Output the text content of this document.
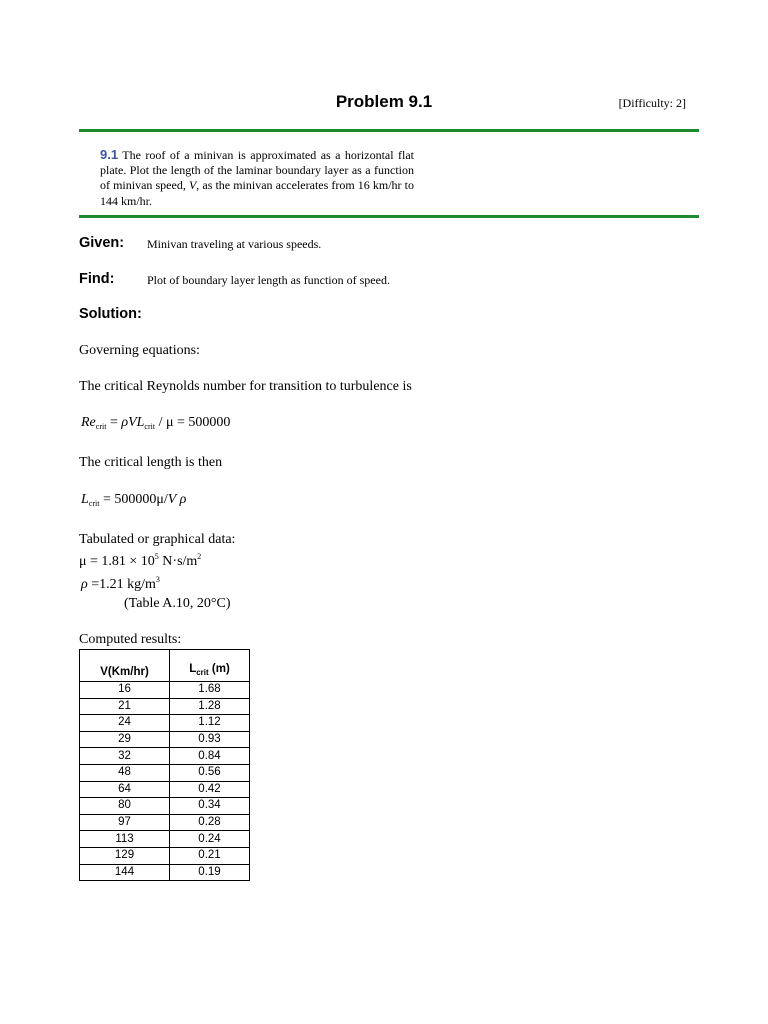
Problem 9.1	[Difficulty: 2]
9.1 The roof of a minivan is approximated as a horizontal flat plate. Plot the length of the laminar boundary layer as a function of minivan speed, V, as the minivan accelerates from 16 km/hr to 144 km/hr.
Given: Minivan traveling at various speeds.
Find:	Plot of boundary layer length as function of speed.
Solution:
Governing equations:
The critical Reynolds number for transition to turbulence is
$Re_{crit} = \rho VL_{crit} / \mu = 500000$
The critical length is then
$L_{crit} = 500000\mu/V$ ρ
Tabulated or graphical data:
$\mu = 1.81 \times 10^5$ $N\cdot s/m^2$
ρ =1.21 $kg/m^3$
(Table A.10, 20°C)
Computed results:
V(Km/hr)	$L_{crit}$ (m)
16	1.68
21	1.28
24	1.12
29	0.93
32	0.84
48	0.56
64	0.42
80	0.34
97	0.28
113	0.24
129	0.21
144	0.19
